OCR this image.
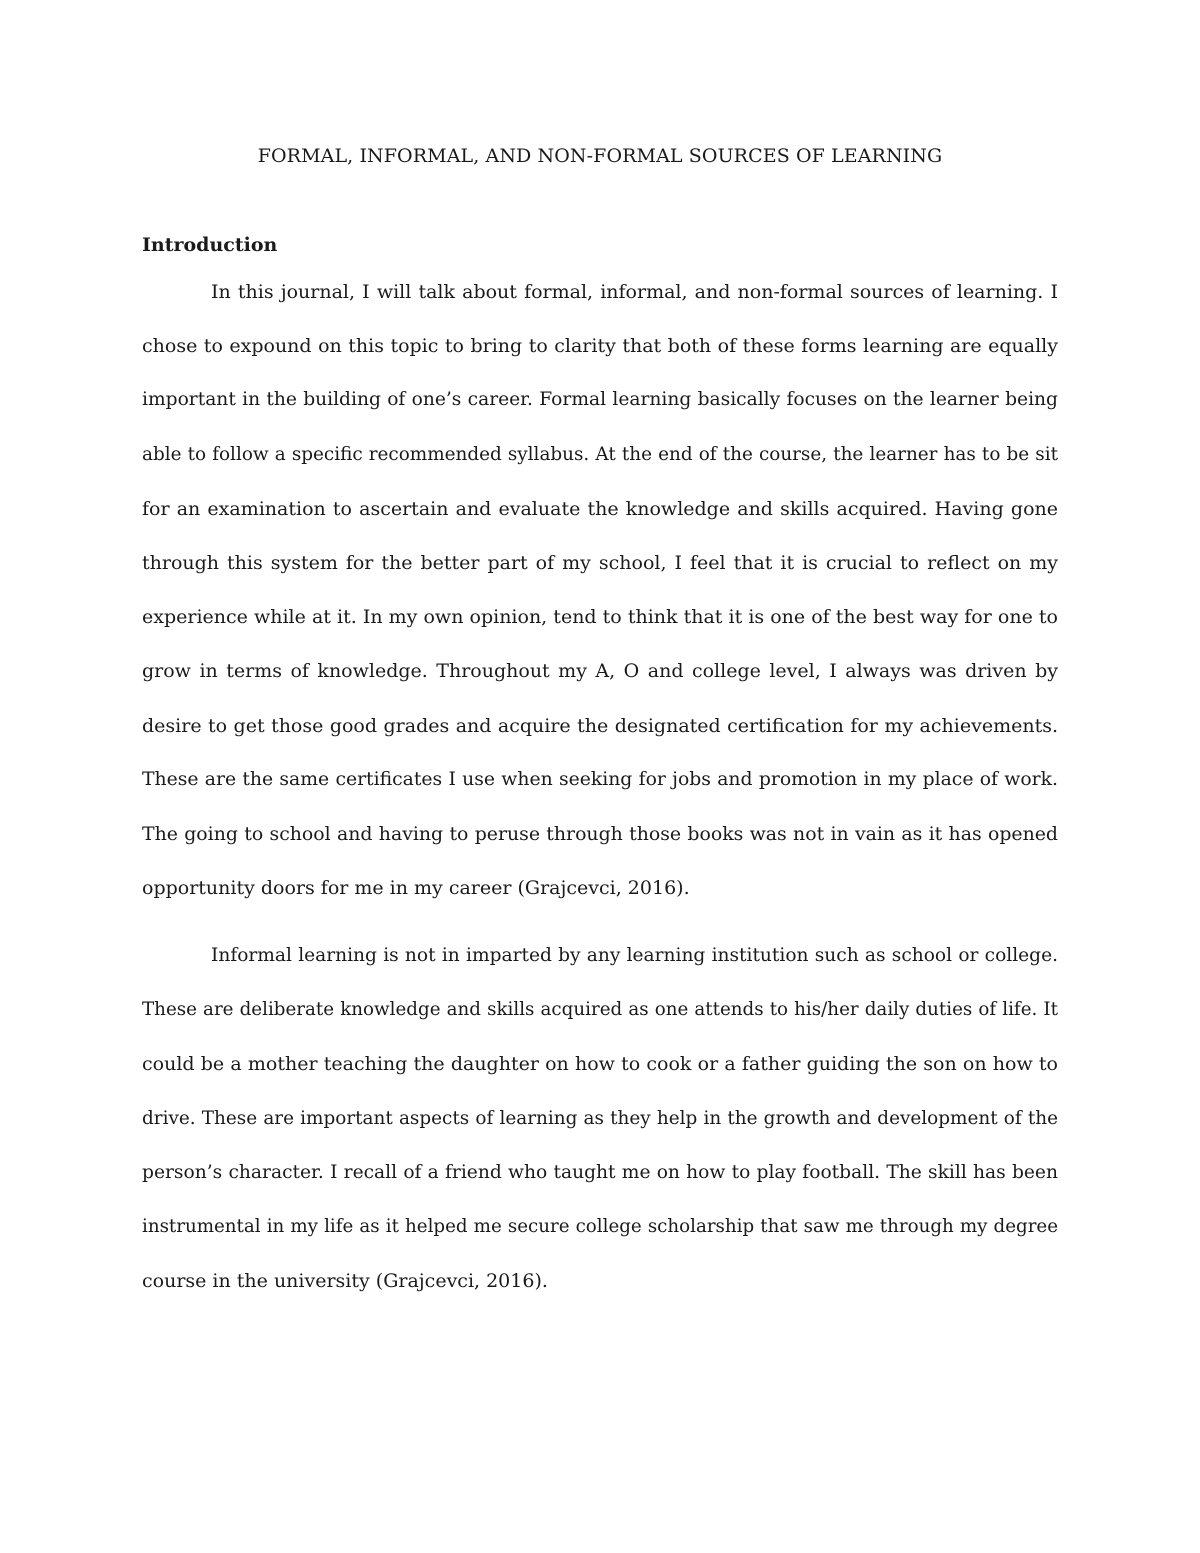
FORMAL, INFORMAL, AND NON-FORMAL SOURCES OF LEARNING
Introduction
In this journal, I will talk about formal, informal, and non-formal sources of learning. I
chose to expound on this topic to bring to clarity that both of these forms learning are equally
important in the building of one’s career. Formal learning basically focuses on the learner being
able to follow a specific recommended syllabus. At the end of the course, the learner has to be sit
for an examination to ascertain and evaluate the knowledge and skills acquired. Having gone
through this system for the better part of my school, I feel that it is crucial to reflect on my
experience while at it. In my own opinion, tend to think that it is one of the best way for one to
grow in terms of knowledge. Throughout my A, O and college level, I always was driven by
desire to get those good grades and acquire the designated certification for my achievements.
These are the same certificates I use when seeking for jobs and promotion in my place of work.
The going to school and having to peruse through those books was not in vain as it has opened
opportunity doors for me in my career (Grajcevci, 2016).
Informal learning is not in imparted by any learning institution such as school or college.
These are deliberate knowledge and skills acquired as one attends to his/her daily duties of life. It
could be a mother teaching the daughter on how to cook or a father guiding the son on how to
drive. These are important aspects of learning as they help in the growth and development of the
person’s character. I recall of a friend who taught me on how to play football. The skill has been
instrumental in my life as it helped me secure college scholarship that saw me through my degree
course in the university (Grajcevci, 2016).
